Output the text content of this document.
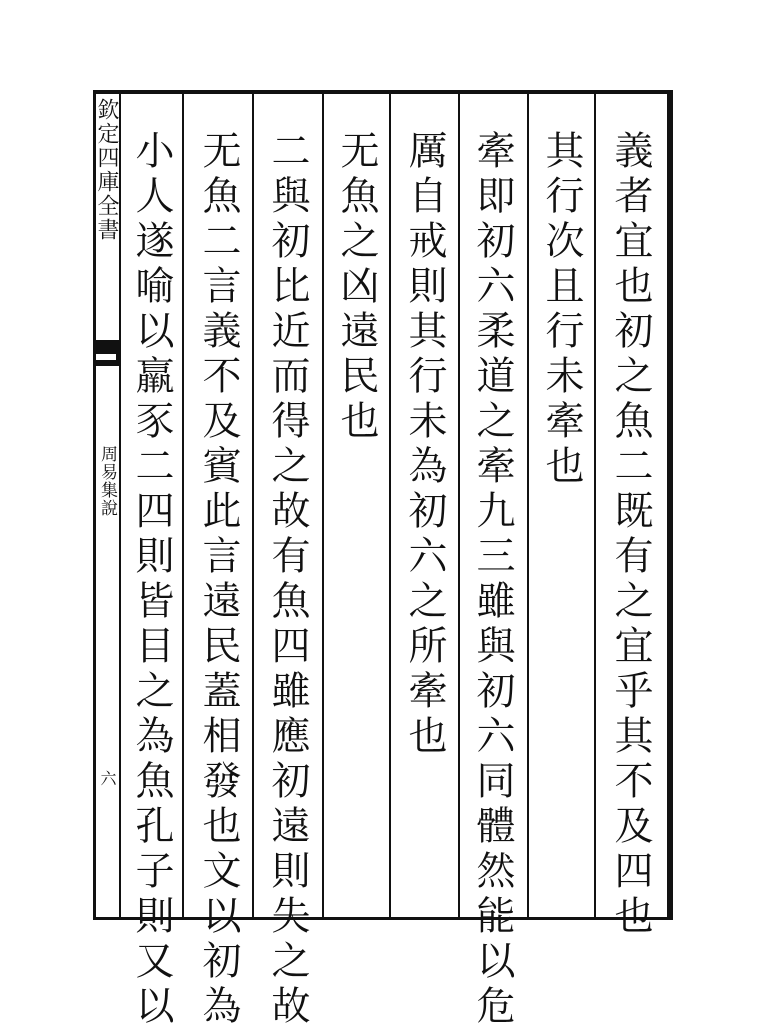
欽定四庫全書
周易集說
六	義者宜也初之魚二既有之宜乎其不及四也
其行次且行未牽也
牽即初六柔道之牽九三雖與初六同體然能以危
厲自戒則其行未為初六之所牽也
无魚之凶遠民也
二與初比近而得之故有魚四雖應初遠則失之故
无魚二言義不及賓此言遠民蓋相發也文以初為
小人遂喻以羸豕二四則皆目之為魚孔子則又以
